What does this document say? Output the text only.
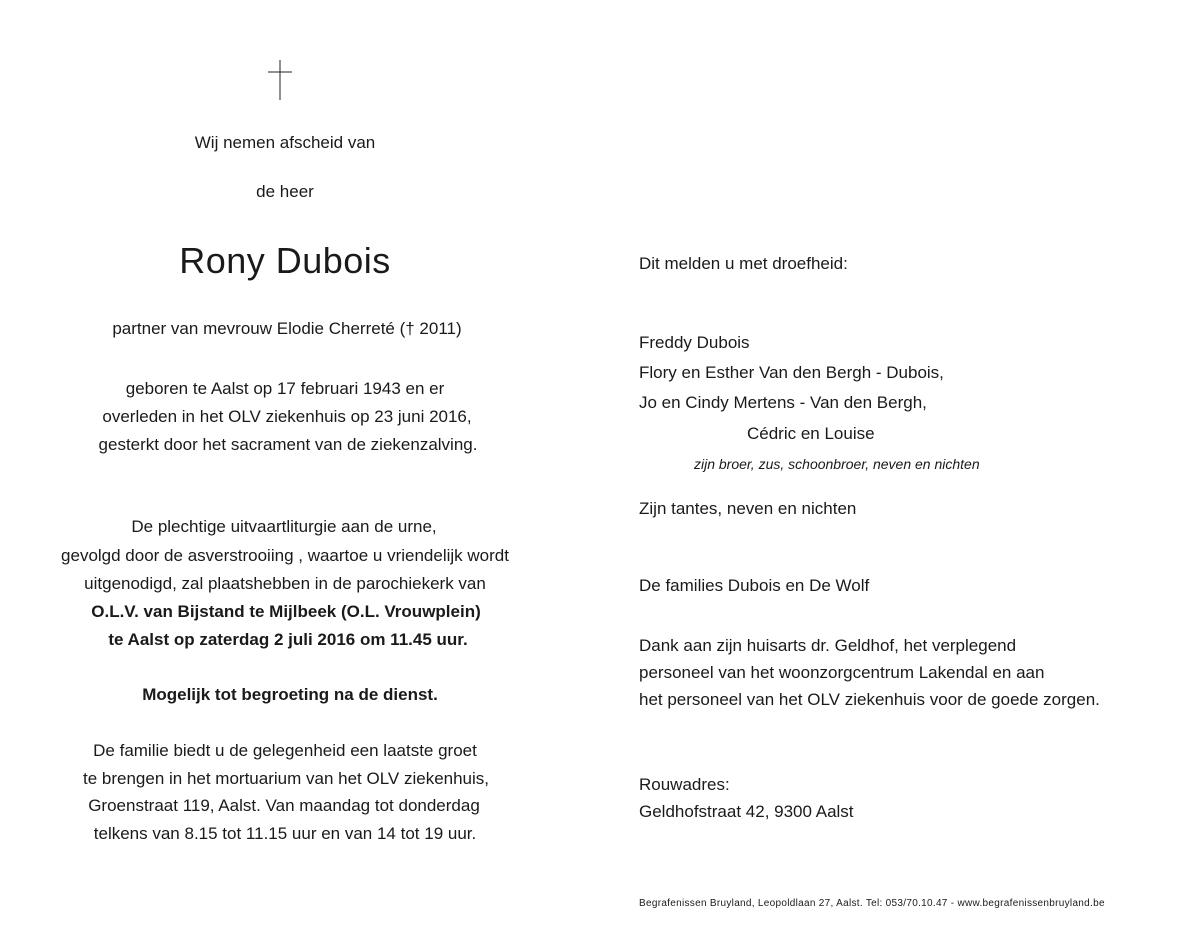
Wij nemen afscheid van
de heer
Rony Dubois
partner van mevrouw Elodie Cherreté († 2011)
geboren te Aalst op 17 februari 1943 en er
overleden in het OLV ziekenhuis op 23 juni 2016,
gesterkt door het sacrament van de ziekenzalving.
De plechtige uitvaartliturgie aan de urne,
gevolgd door de asverstrooiing , waartoe u vriendelijk wordt
uitgenodigd, zal plaatshebben in de parochiekerk van
O.L.V. van Bijstand te Mijlbeek (O.L. Vrouwplein)
te Aalst op zaterdag 2 juli 2016 om 11.45 uur.
Mogelijk tot begroeting na de dienst.
De familie biedt u de gelegenheid een laatste groet
te brengen in het mortuarium van het OLV ziekenhuis,
Groenstraat 119, Aalst. Van maandag tot donderdag
telkens van 8.15 tot 11.15 uur en van 14 tot 19 uur.
Dit melden u met droefheid:
Freddy Dubois
Flory en Esther Van den Bergh - Dubois,
Jo en Cindy Mertens - Van den Bergh,
Cédric en Louise
zijn broer, zus, schoonbroer, neven en nichten
Zijn tantes, neven en nichten
De families Dubois en De Wolf
Dank aan zijn huisarts dr. Geldhof, het verplegend
personeel van het woonzorgcentrum Lakendal en aan
het personeel van het OLV ziekenhuis voor de goede zorgen.
Rouwadres:
Geldhofstraat 42, 9300 Aalst
Begrafenissen Bruyland, Leopoldlaan 27, Aalst. Tel: 053/70.10.47 - www.begrafenissenbruyland.be
